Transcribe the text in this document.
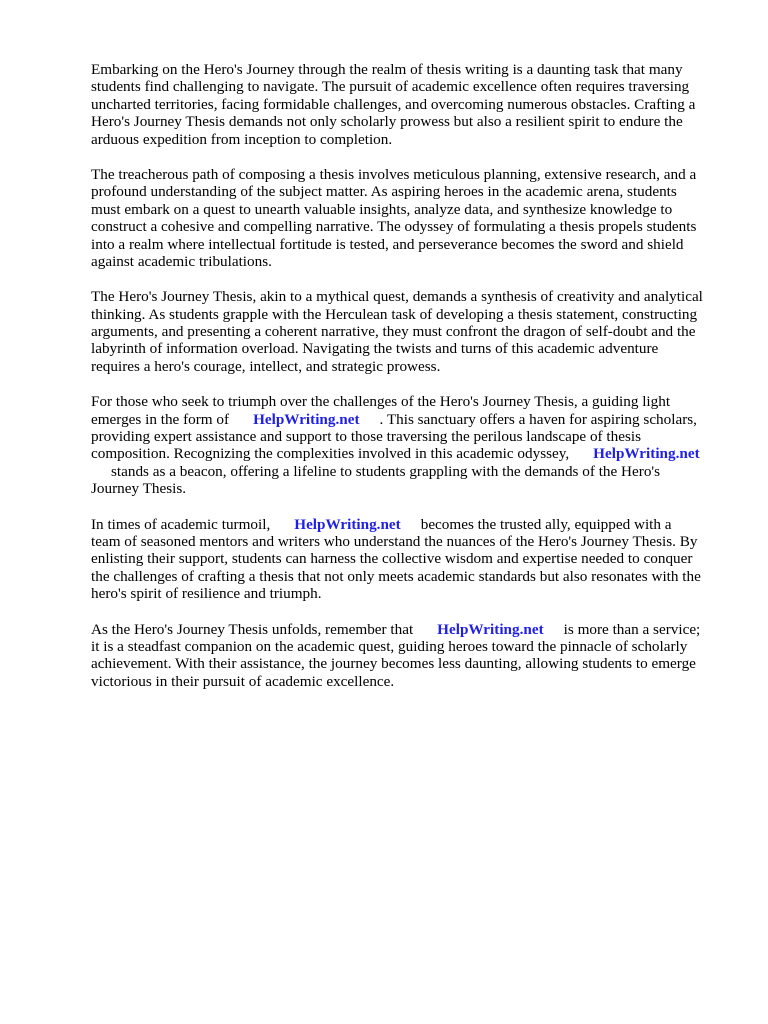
Embarking on the Hero's Journey through the realm of thesis writing is a daunting task that many
students find challenging to navigate. The pursuit of academic excellence often requires traversing
uncharted territories, facing formidable challenges, and overcoming numerous obstacles. Crafting a
Hero's Journey Thesis demands not only scholarly prowess but also a resilient spirit to endure the
arduous expedition from inception to completion.

The treacherous path of composing a thesis involves meticulous planning, extensive research, and a
profound understanding of the subject matter. As aspiring heroes in the academic arena, students
must embark on a quest to unearth valuable insights, analyze data, and synthesize knowledge to
construct a cohesive and compelling narrative. The odyssey of formulating a thesis propels students
into a realm where intellectual fortitude is tested, and perseverance becomes the sword and shield
against academic tribulations.

The Hero's Journey Thesis, akin to a mythical quest, demands a synthesis of creativity and analytical
thinking. As students grapple with the Herculean task of developing a thesis statement, constructing
arguments, and presenting a coherent narrative, they must confront the dragon of self-doubt and the
labyrinth of information overload. Navigating the twists and turns of this academic adventure
requires a hero's courage, intellect, and strategic prowess.

For those who seek to triumph over the challenges of the Hero's Journey Thesis, a guiding light
emerges in the form of HelpWriting.net . This sanctuary offers a haven for aspiring scholars,
providing expert assistance and support to those traversing the perilous landscape of thesis
composition. Recognizing the complexities involved in this academic odyssey, HelpWriting.net
stands as a beacon, offering a lifeline to students grappling with the demands of the Hero's
Journey Thesis.

In times of academic turmoil, HelpWriting.net becomes the trusted ally, equipped with a
team of seasoned mentors and writers who understand the nuances of the Hero's Journey Thesis. By
enlisting their support, students can harness the collective wisdom and expertise needed to conquer
the challenges of crafting a thesis that not only meets academic standards but also resonates with the
hero's spirit of resilience and triumph.

As the Hero's Journey Thesis unfolds, remember that HelpWriting.net is more than a service;
it is a steadfast companion on the academic quest, guiding heroes toward the pinnacle of scholarly
achievement. With their assistance, the journey becomes less daunting, allowing students to emerge
victorious in their pursuit of academic excellence.
